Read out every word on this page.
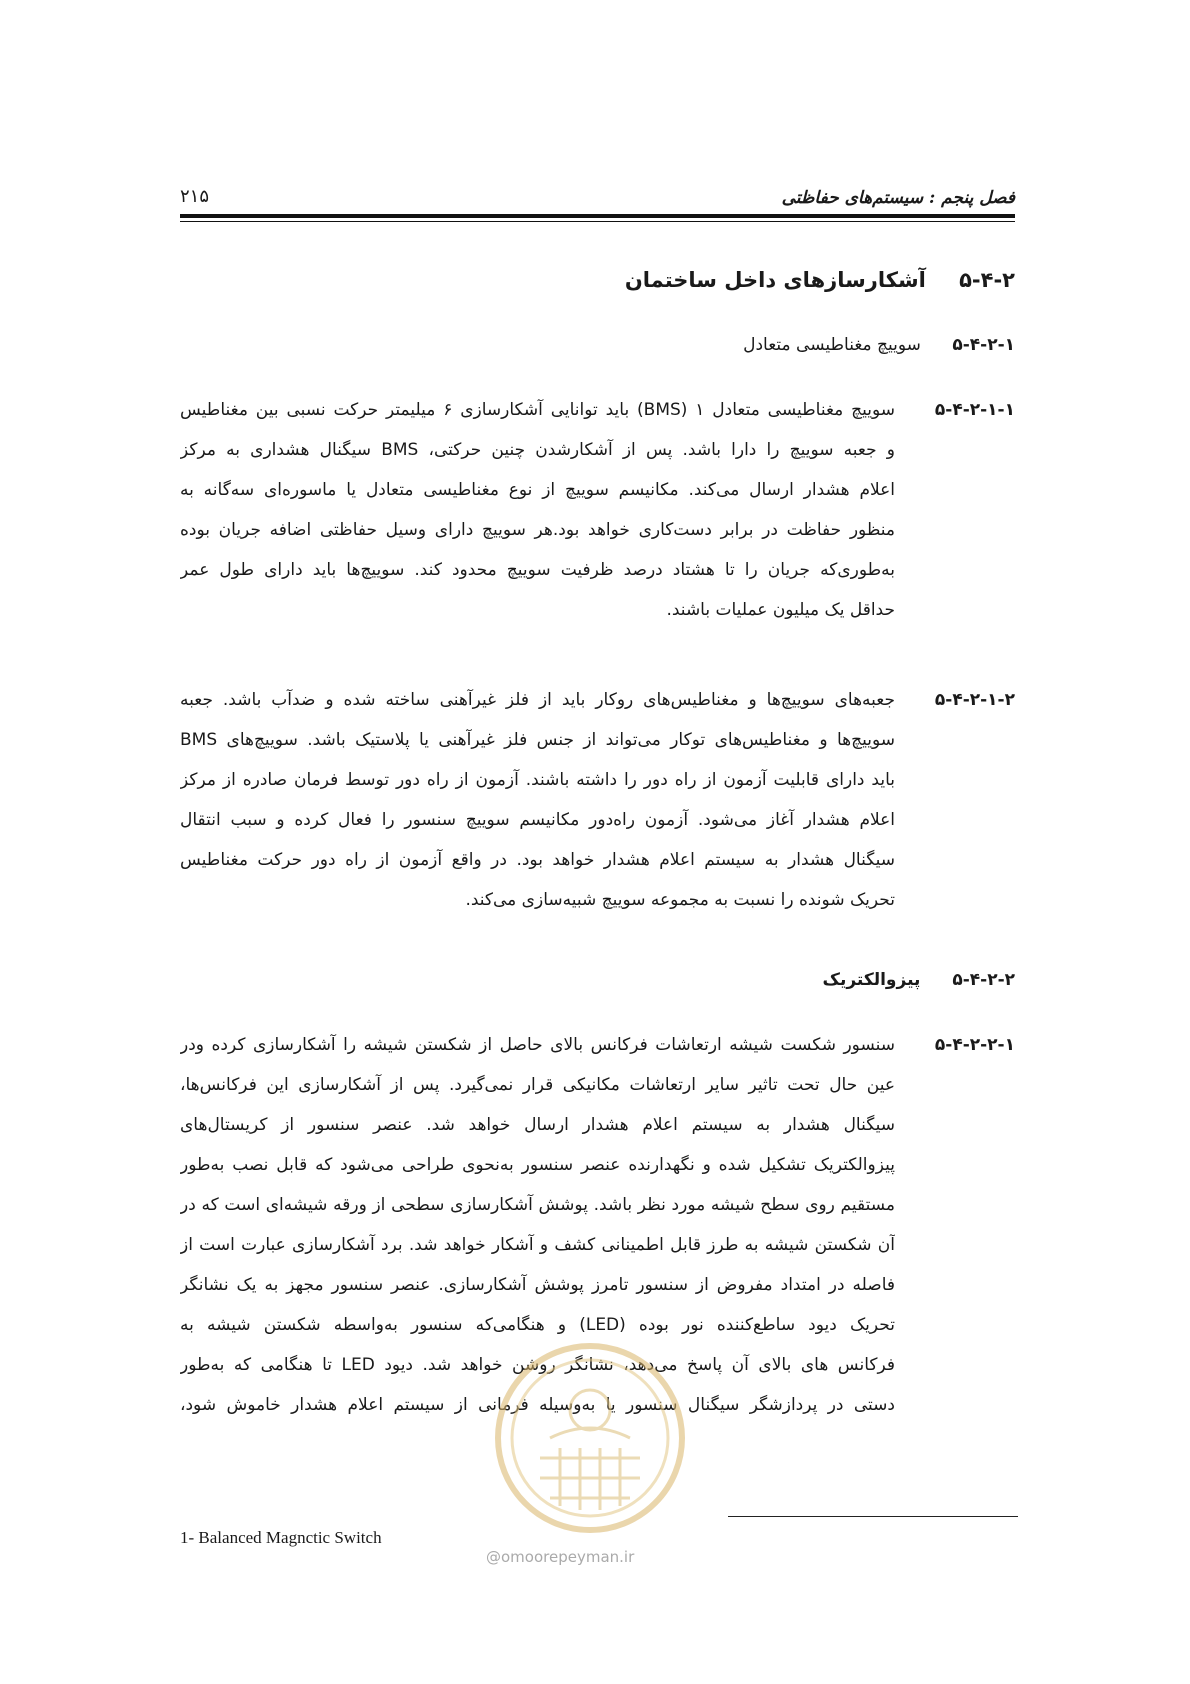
فصل پنجم : سیستم‌های حفاظتی
۲۱۵
۵-۴-۲ آشکارسازهای داخل ساختمان
۵-۴-۲-۱ سوییچ مغناطیسی متعادل
۵-۴-۲-۱-۱
سوییچ مغناطیسی متعادل ۱ (BMS) باید توانایی آشکارسازی ۶ میلیمتر حرکت نسبی بین مغناطیس
و جعبه سوییچ را دارا باشد. پس از آشکارشدن چنین حرکتی، BMS سیگنال هشداری به مرکز
اعلام هشدار ارسال می‌کند. مکانیسم سوییچ از نوع مغناطیسی متعادل یا ماسوره‌ای سه‌گانه به
منظور حفاظت در برابر دست‌کاری خواهد بود.هر سوییچ دارای وسیل حفاظتی اضافه جریان بوده
به‌طوری‌که جریان را تا هشتاد درصد ظرفیت سوییچ محدود کند. سوییچ‌ها باید دارای طول عمر
حداقل یک میلیون عملیات باشند.
۵-۴-۲-۱-۲
جعبه‌های سوییچ‌ها و مغناطیس‌های روکار باید از فلز غیرآهنی ساخته شده و ضدآب باشد. جعبه
سوییچ‌ها و مغناطیس‌های توکار می‌تواند از جنس فلز غیرآهنی یا پلاستیک باشد. سوییچ‌های BMS
باید دارای قابلیت آزمون از راه دور را داشته باشند. آزمون از راه دور توسط فرمان صادره از مرکز
اعلام هشدار آغاز می‌شود. آزمون راه‌دور مکانیسم سوییچ سنسور را فعال کرده و سبب انتقال
سیگنال هشدار به سیستم اعلام هشدار خواهد بود. در واقع آزمون از راه دور حرکت مغناطیس
تحریک شونده را نسبت به مجموعه سوییچ شبیه‌سازی می‌کند.
۵-۴-۲-۲ پیزوالکتریک
۵-۴-۲-۲-۱
سنسور شکست شیشه ارتعاشات فرکانس بالای حاصل از شکستن شیشه را آشکارسازی کرده ودر
عین حال تحت تاثیر سایر ارتعاشات مکانیکی قرار نمی‌گیرد. پس از آشکارسازی این فرکانس‌ها،
سیگنال هشدار به سیستم اعلام هشدار ارسال خواهد شد. عنصر سنسور از کریستال‌های
پیزوالکتریک تشکیل شده و نگهدارنده عنصر سنسور به‌نحوی طراحی می‌شود که قابل نصب به‌طور
مستقیم روی سطح شیشه مورد نظر باشد. پوشش آشکارسازی سطحی از ورقه شیشه‌ای است که در
آن شکستن شیشه به طرز قابل اطمینانی کشف و آشکار خواهد شد. برد آشکارسازی عبارت است از
فاصله در امتداد مفروض از سنسور تامرز پوشش آشکارسازی. عنصر سنسور مجهز به یک نشانگر
تحریک دیود ساطع‌کننده نور بوده (LED) و هنگامی‌که سنسور به‌واسطه شکستن شیشه به
فرکانس های بالای آن پاسخ می‌دهد، نشانگر روشن خواهد شد. دیود LED تا هنگامی که به‌طور
دستی در پردازشگر سیگنال سنسور یا به‌وسیله فرمانی از سیستم اعلام هشدار خاموش شود،
1- Balanced Magnctic Switch
@omoorepeyman.ir
